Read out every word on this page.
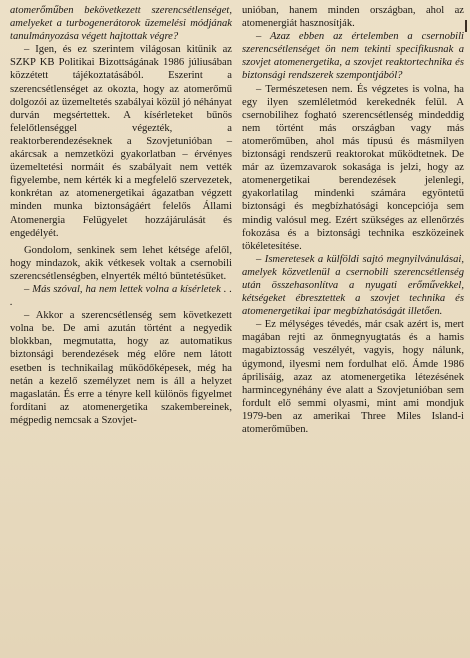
atomerőműben bekövetkezett szerencsétlenséget, amelyeket a turbogenerátorok üzemelési módjának tanulmányozása végett hajtottak végre?

– Igen, és ez szerintem világosan kitűnik az SZKP KB Politikai Bizottságának 1986 júliusában közzétett tájékoztatásából. Eszerint a szerencsétlenséget az okozta, hogy az atomerőmű dolgozói az üzemeltetés szabályai közül jó néhányat durván megsértettek. A kísérleteket bűnös felelőtlenséggel végezték, a reaktorberendezéseknek a Szovjetunióban – akárcsak a nemzetközi gyakorlatban – érvényes üzemeltetési normáit és szabályait nem vették figyelembe, nem kérték ki a megfelelő szervezetek, konkrétan az atomenergetikai ágazatban végzett minden munka biztonságáért felelős Állami Atomenergia Felügyelet hozzájárulását és engedélyét.

Gondolom, senkinek sem lehet kétsége afelől, hogy mindazok, akik vétkesek voltak a csernobili szerencsétlenségben, elnyerték méltó büntetésüket.

– Más szóval, ha nem lettek volna a kísérletek . . .

– Akkor a szerencsétlenség sem következett volna be. De ami azután történt a negyedik blokkban, megmutatta, hogy az automatikus biztonsági berendezések még előre nem látott esetben is technikailag működőképesek, még ha netán a kezelő személyzet nem is áll a helyzet magaslatán. És erre a tényre kell különös figyelmet fordítani az atomenergetika szakembereinek, mégpedig nemcsak a Szovjet-

unióban, hanem minden országban, ahol az atomenergiát hasznosítják.

– Azaz ebben az értelemben a csernobili szerencsétlenséget ön nem tekinti specifikusnak a szovjet atomenergetika, a szovjet reaktortechnika és biztonsági rendszerek szempontjából?

– Természetesen nem. És végzetes is volna, ha egy ilyen szemléletmód kerekednék felül. A csernobilihez fogható szerencsétlenség mindeddig nem történt más országban vagy más atomerőműben, ahol más típusú és másmilyen biztonsági rendszerű reaktorokat működtetnek. De már az üzemzavarok sokasága is jelzi, hogy az atomenergetikai berendezések jelenlegi, gyakorlatilag mindenki számára egyöntetű biztonsági és megbízhatósági koncepciója sem mindig valósul meg. Ezért szükséges az ellenőrzés fokozása és a biztonsági technika eszközeinek tökéletesítése.

– Ismeretesek a külföldi sajtó megnyilvánulásai, amelyek közvetlenül a csernobili szerencsétlenség után összehasonlítva a nyugati erőművekkel, kétségeket ébresztettek a szovjet technika és atomenergetikai ipar megbízhatóságát illetően.

– Ez mélységes tévedés, már csak azért is, mert magában rejti az önmegnyugtatás és a hamis magabiztosság veszélyét, vagyis, hogy nálunk, úgymond, ilyesmi nem fordulhat elő. Ámde 1986 áprilisáig, azaz az atomenergetika létezésének harmincegynéhány éve alatt a Szovjetunióban sem fordult elő semmi olyasmi, mint ami mondjuk 1979-ben az amerikai Three Miles Island-i atomerőműben.
